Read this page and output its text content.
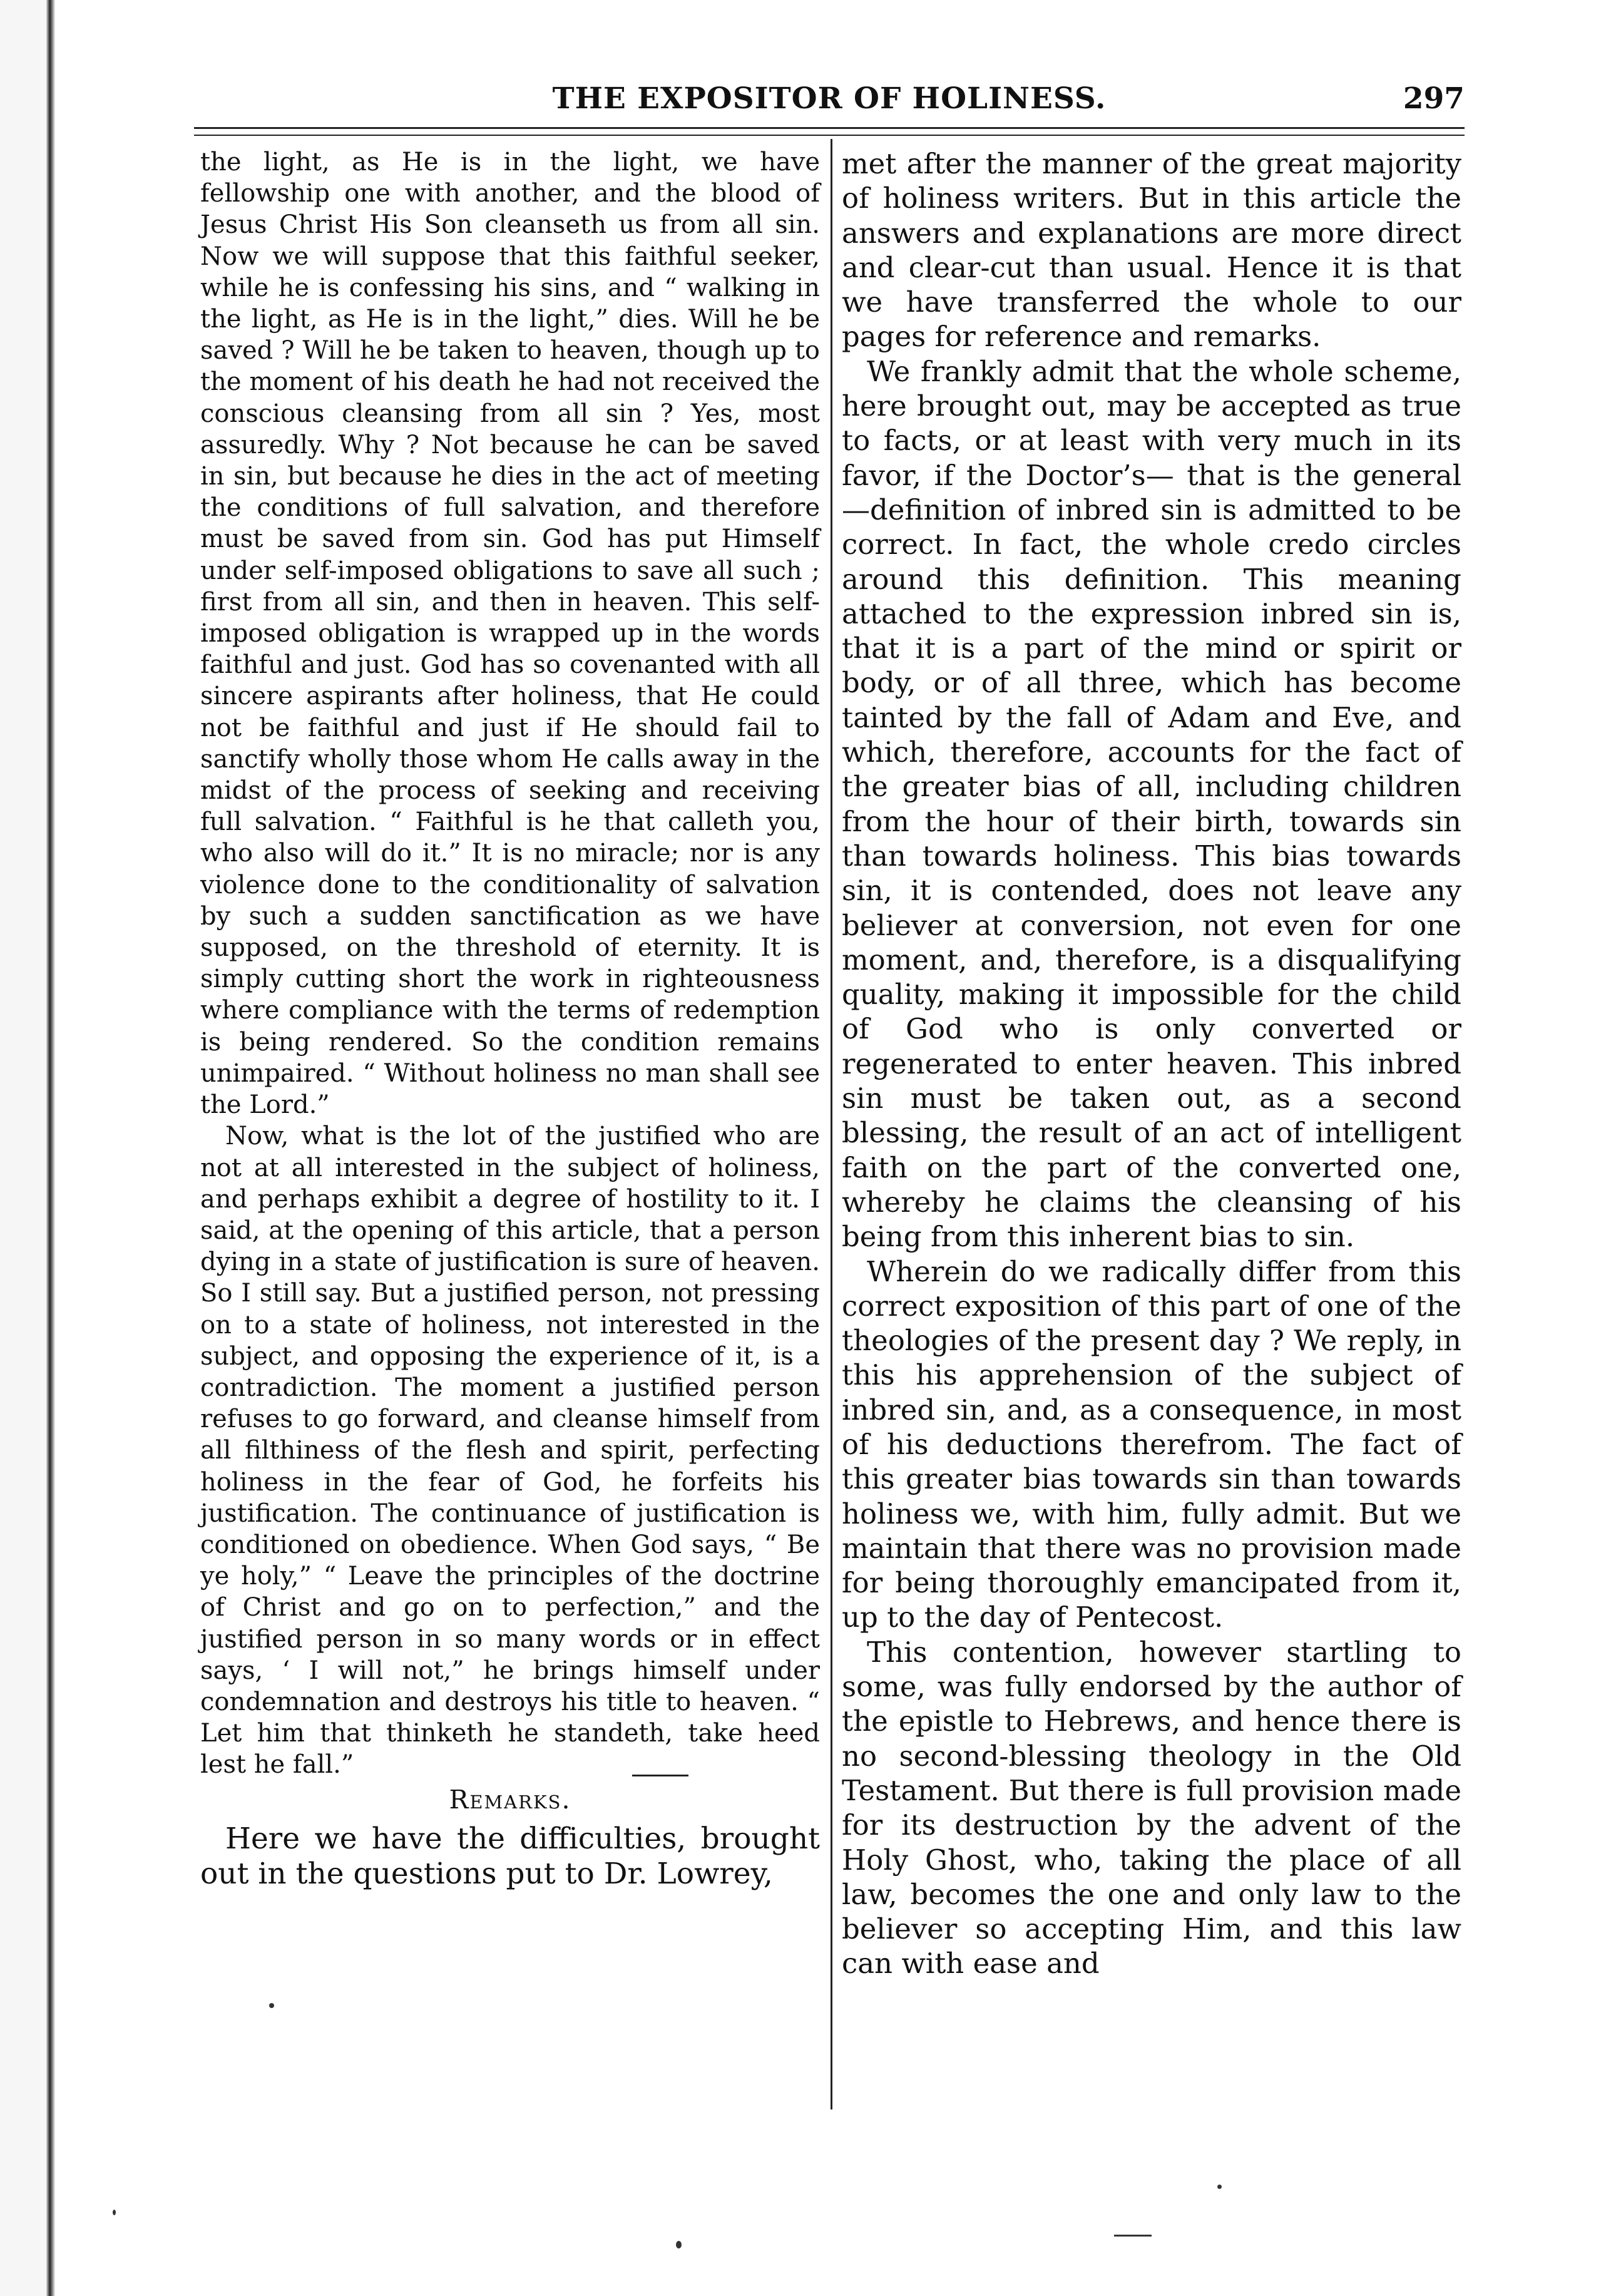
THE EXPOSITOR OF HOLINESS.	297

the light, as He is in the light, we have fellowship one with another, and the blood of Jesus Christ His Son cleanseth us from all sin. Now we will suppose that this faithful seeker, while he is confessing his sins, and “ walking in the light, as He is in the light,” dies. Will he be saved ? Will he be taken to heaven, though up to the moment of his death he had not received the conscious cleansing from all sin ? Yes, most assuredly. Why ? Not because he can be saved in sin, but because he dies in the act of meeting the conditions of full salvation, and therefore must be saved from sin. God has put Himself under self-imposed obligations to save all such ; first from all sin, and then in heaven. This self-imposed obligation is wrapped up in the words faithful and just. God has so covenanted with all sincere aspirants after holiness, that He could not be faithful and just if He should fail to sanctify wholly those whom He calls away in the midst of the process of seeking and receiving full salvation. “ Faithful is he that calleth you, who also will do it.” It is no miracle; nor is any violence done to the conditionality of salvation by such a sudden sanctification as we have supposed, on the threshold of eternity. It is simply cutting short the work in righteousness where compliance with the terms of redemption is being rendered. So the condition remains unimpaired. “ Without holiness no man shall see the Lord.”

Now, what is the lot of the justified who are not at all interested in the subject of holiness, and perhaps exhibit a degree of hostility to it. I said, at the opening of this article, that a person dying in a state of justification is sure of heaven. So I still say. But a justified person, not pressing on to a state of holiness, not interested in the subject, and opposing the experience of it, is a contradiction. The moment a justified person refuses to go forward, and cleanse himself from all filthiness of the flesh and spirit, perfecting holiness in the fear of God, he forfeits his justification. The continuance of justification is conditioned on obedience. When God says, “ Be ye holy,” “ Leave the principles of the doctrine of Christ and go on to perfection,” and the justified person in so many words or in effect says, ‘ I will not,” he brings himself under condemnation and destroys his title to heaven. “ Let him that thinketh he standeth, take heed lest he fall.”

Remarks.

Here we have the difficulties, brought out in the questions put to Dr. Lowrey,

met after the manner of the great majority of holiness writers. But in this article the answers and explanations are more direct and clear-cut than usual. Hence it is that we have transferred the whole to our pages for reference and remarks.

We frankly admit that the whole scheme, here brought out, may be accepted as true to facts, or at least with very much in its favor, if the Doctor’s— that is the general—definition of inbred sin is admitted to be correct. In fact, the whole credo circles around this definition. This meaning attached to the expression inbred sin is, that it is a part of the mind or spirit or body, or of all three, which has become tainted by the fall of Adam and Eve, and which, therefore, accounts for the fact of the greater bias of all, including children from the hour of their birth, towards sin than towards holiness. This bias towards sin, it is contended, does not leave any believer at conversion, not even for one moment, and, therefore, is a disqualifying quality, making it impossible for the child of God who is only converted or regenerated to enter heaven. This inbred sin must be taken out, as a second blessing, the result of an act of intelligent faith on the part of the converted one, whereby he claims the cleansing of his being from this inherent bias to sin.

Wherein do we radically differ from this correct exposition of this part of one of the theologies of the present day ? We reply, in this his apprehension of the subject of inbred sin, and, as a consequence, in most of his deductions therefrom. The fact of this greater bias towards sin than towards holiness we, with him, fully admit. But we maintain that there was no provision made for being thoroughly emancipated from it, up to the day of Pentecost.

This contention, however startling to some, was fully endorsed by the author of the epistle to Hebrews, and hence there is no second-blessing theology in the Old Testament. But there is full provision made for its destruction by the advent of the Holy Ghost, who, taking the place of all law, becomes the one and only law to the believer so accepting Him, and this law can with ease and
